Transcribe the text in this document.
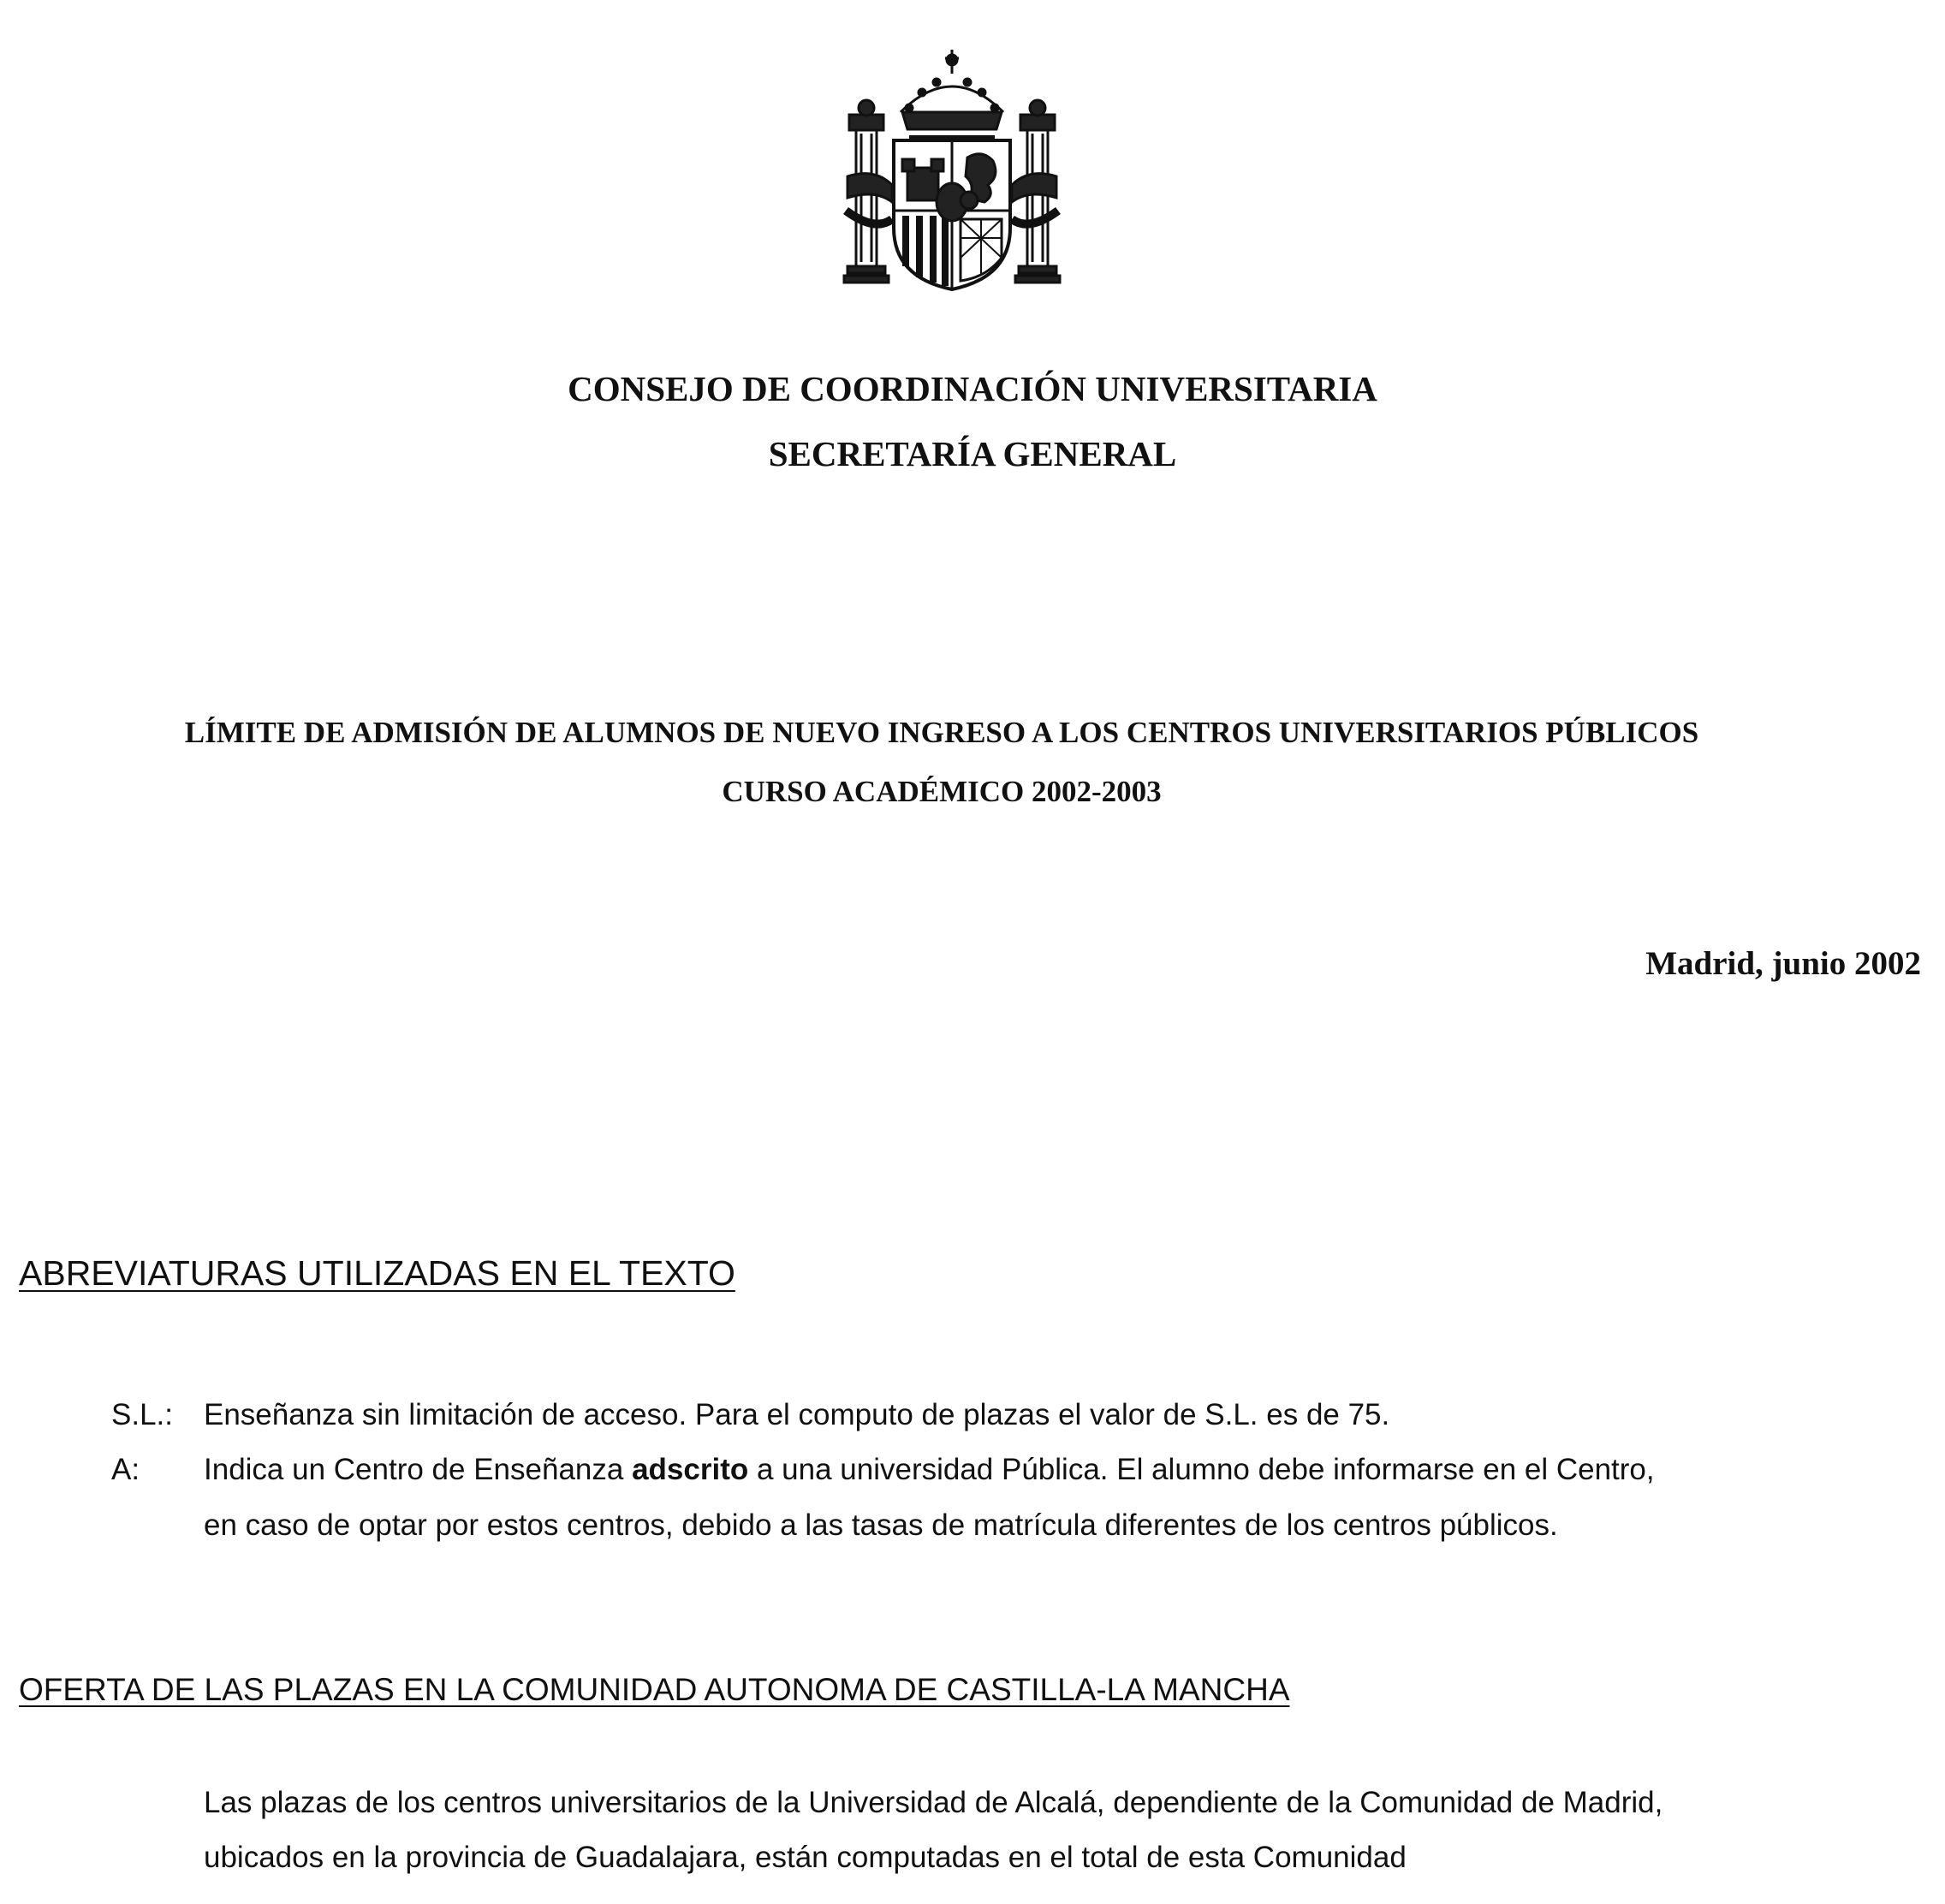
CONSEJO DE COORDINACIÓN UNIVERSITARIA
SECRETARÍA GENERAL
LÍMITE DE ADMISIÓN DE ALUMNOS DE NUEVO INGRESO A LOS CENTROS UNIVERSITARIOS PÚBLICOS
CURSO ACADÉMICO 2002-2003
Madrid, junio 2002
ABREVIATURAS UTILIZADAS EN EL TEXTO
S.L.: Enseñanza sin limitación de acceso. Para el computo de plazas el valor de S.L. es de 75.
A: Indica un Centro de Enseñanza adscrito a una universidad Pública. El alumno debe informarse en el Centro,
en caso de optar por estos centros, debido a las tasas de matrícula diferentes de los centros públicos.
OFERTA DE LAS PLAZAS EN LA COMUNIDAD AUTONOMA DE CASTILLA-LA MANCHA
Las plazas de los centros universitarios de la Universidad de Alcalá, dependiente de la Comunidad de Madrid,
ubicados en la provincia de Guadalajara, están computadas en el total de esta Comunidad
